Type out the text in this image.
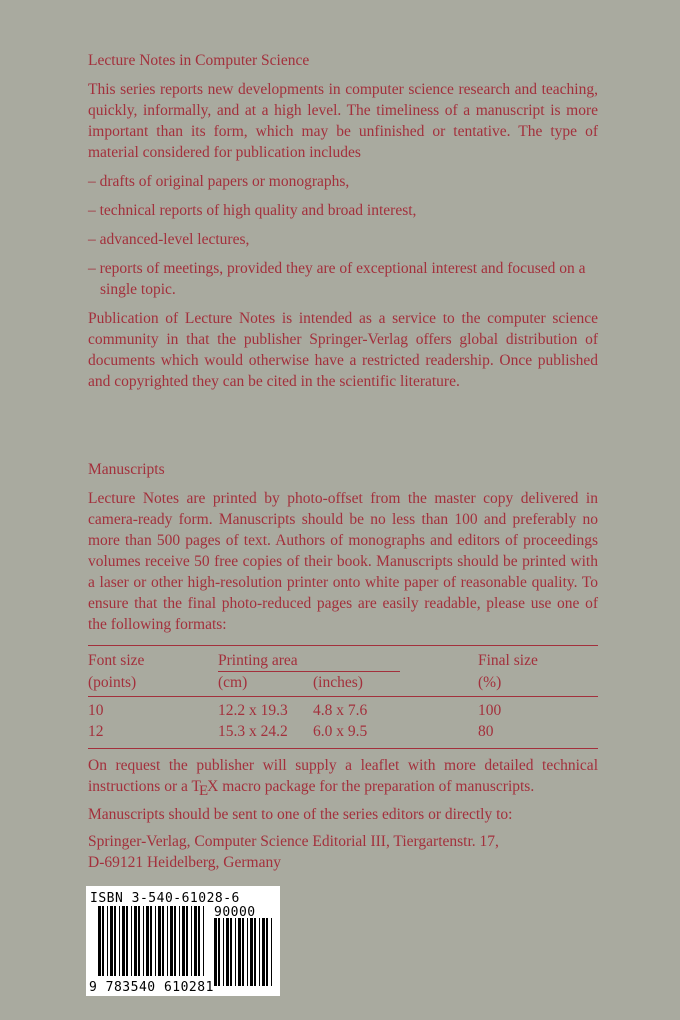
Lecture Notes in Computer Science

This series reports new developments in computer science research and teaching, quickly, informally, and at a high level. The timeliness of a manuscript is more important than its form, which may be unfinished or tentative. The type of material considered for publication includes

– drafts of original papers or monographs,

– technical reports of high quality and broad interest,

– advanced-level lectures,

– reports of meetings, provided they are of exceptional interest and focused on a single topic.

Publication of Lecture Notes is intended as a service to the computer science community in that the publisher Springer-Verlag offers global distribution of documents which would otherwise have a restricted readership. Once published and copyrighted they can be cited in the scientific literature.

Manuscripts

Lecture Notes are printed by photo-offset from the master copy delivered in camera-ready form. Manuscripts should be no less than 100 and preferably no more than 500 pages of text. Authors of monographs and editors of proceedings volumes receive 50 free copies of their book. Manuscripts should be printed with a laser or other high-resolution printer onto white paper of reasonable quality. To ensure that the final photo-reduced pages are easily readable, please use one of the following formats:

Font size	Printing area		Final size
(points)	(cm)	(inches)	(%)
10	12.2 x 19.3	4.8 x 7.6	100
12	15.3 x 24.2	6.0 x 9.5	80

On request the publisher will supply a leaflet with more detailed technical instructions or a TEX macro package for the preparation of manuscripts.

Manuscripts should be sent to one of the series editors or directly to:

Springer-Verlag, Computer Science Editorial III, Tiergartenstr. 17,
D-69121 Heidelberg, Germany

ISBN 3-540-61028-6
90000
9 783540 610281
